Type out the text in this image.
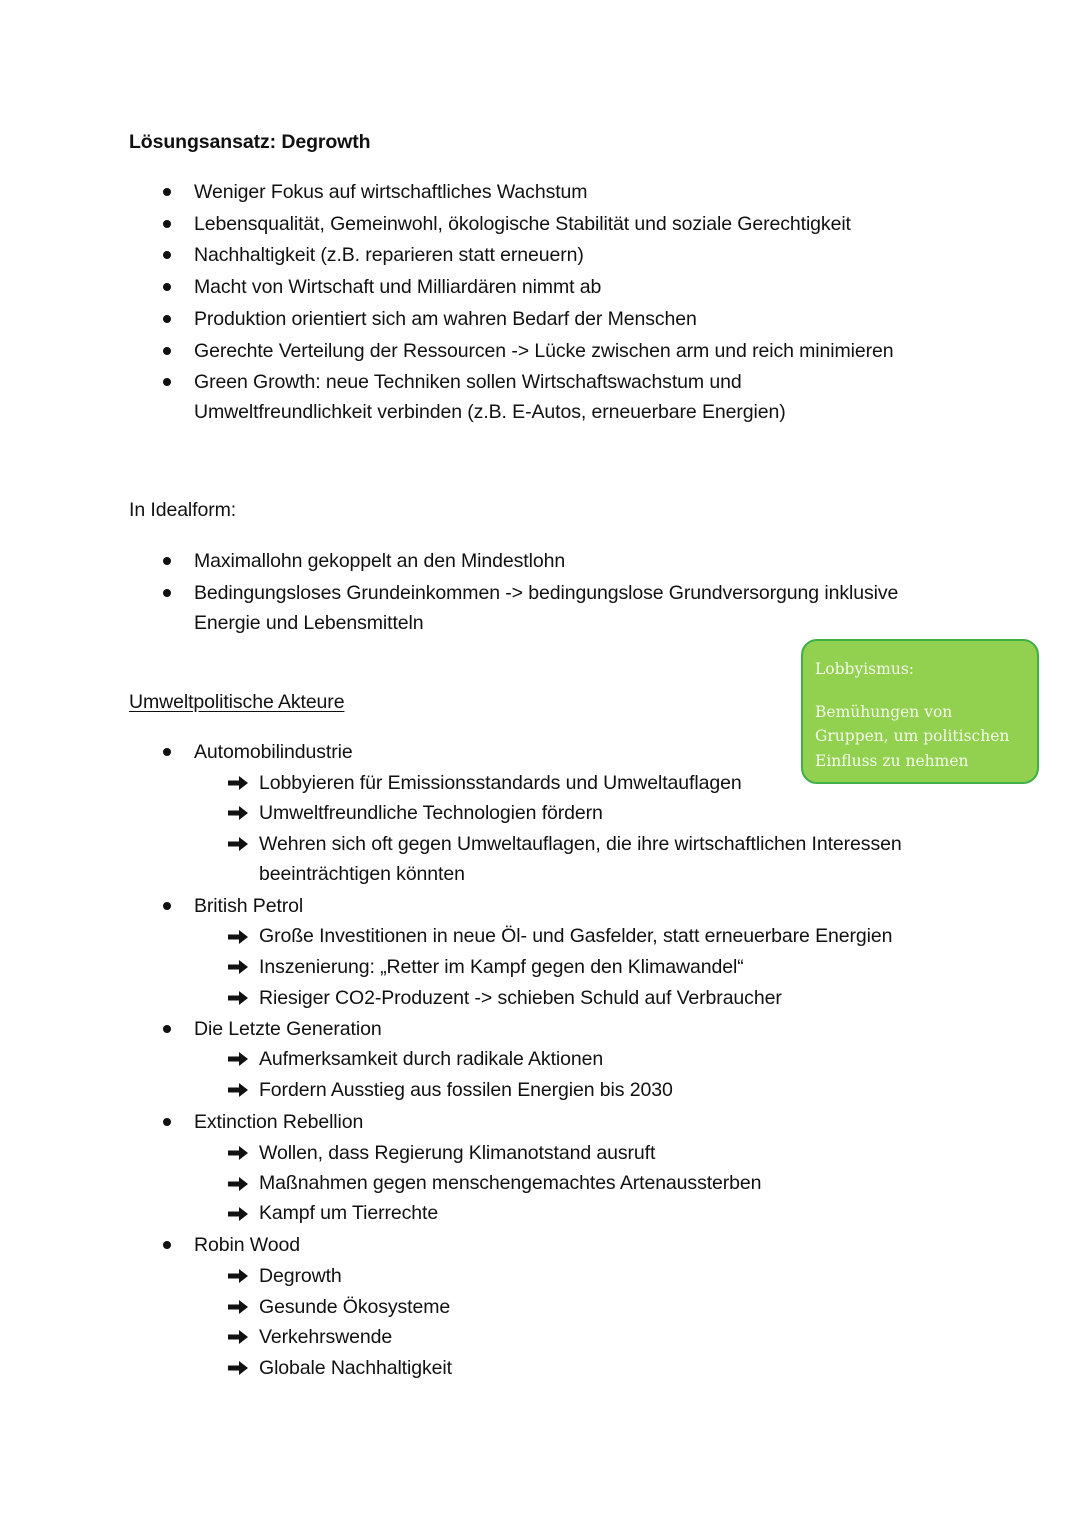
Lösungsansatz: Degrowth
Weniger Fokus auf wirtschaftliches Wachstum
Lebensqualität, Gemeinwohl, ökologische Stabilität und soziale Gerechtigkeit
Nachhaltigkeit (z.B. reparieren statt erneuern)
Macht von Wirtschaft und Milliardären nimmt ab
Produktion orientiert sich am wahren Bedarf der Menschen
Gerechte Verteilung der Ressourcen -> Lücke zwischen arm und reich minimieren
Green Growth: neue Techniken sollen Wirtschaftswachstum und
Umweltfreundlichkeit verbinden (z.B. E-Autos, erneuerbare Energien)
In Idealform:
Maximallohn gekoppelt an den Mindestlohn
Bedingungsloses Grundeinkommen -> bedingungslose Grundversorgung inklusive
Energie und Lebensmitteln
Lobbyismus:
Bemühungen von Gruppen, um politischen Einfluss zu nehmen
Umweltpolitische Akteure
Automobilindustrie
Lobbyieren für Emissionsstandards und Umweltauflagen
Umweltfreundliche Technologien fördern
Wehren sich oft gegen Umweltauflagen, die ihre wirtschaftlichen Interessen
beeinträchtigen könnten
British Petrol
Große Investitionen in neue Öl- und Gasfelder, statt erneuerbare Energien
Inszenierung: „Retter im Kampf gegen den Klimawandel“
Riesiger CO2-Produzent -> schieben Schuld auf Verbraucher
Die Letzte Generation
Aufmerksamkeit durch radikale Aktionen
Fordern Ausstieg aus fossilen Energien bis 2030
Extinction Rebellion
Wollen, dass Regierung Klimanotstand ausruft
Maßnahmen gegen menschengemachtes Artenaussterben
Kampf um Tierrechte
Robin Wood
Degrowth
Gesunde Ökosysteme
Verkehrswende
Globale Nachhaltigkeit
